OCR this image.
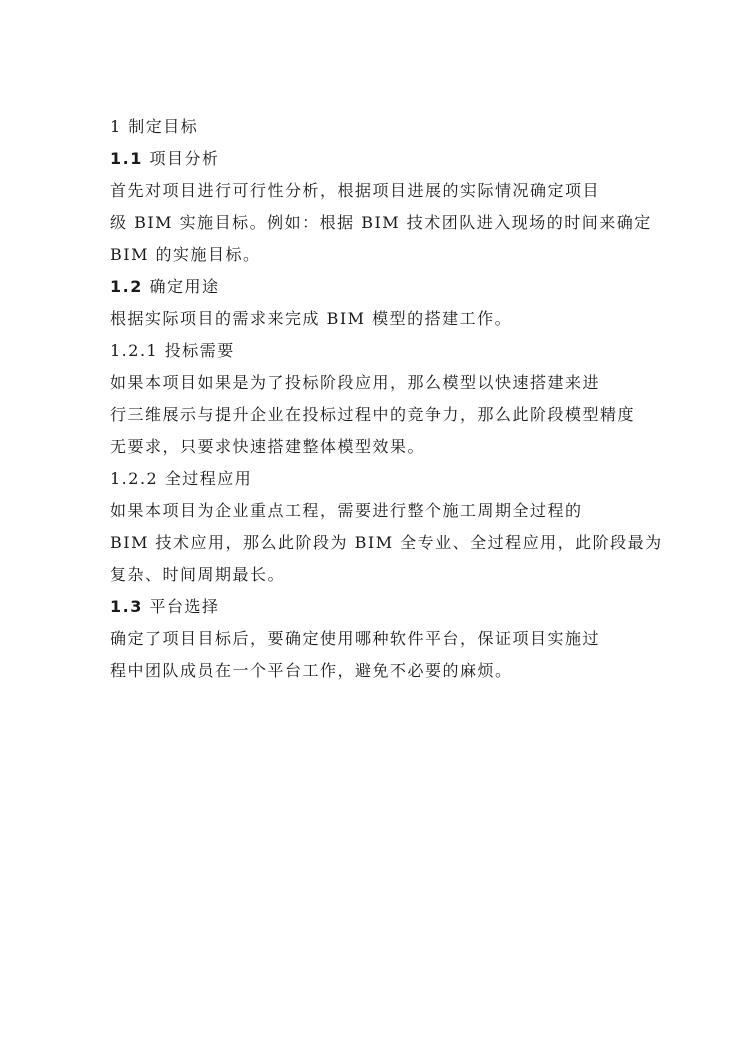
1 制定目标
1.1 项目分析
首先对项目进行可行性分析，根据项目进展的实际情况确定项目
级 BIM 实施目标。例如：根据 BIM 技术团队进入现场的时间来确定
BIM 的实施目标。
1.2 确定用途
根据实际项目的需求来完成 BIM 模型的搭建工作。
1.2.1 投标需要
如果本项目如果是为了投标阶段应用，那么模型以快速搭建来进
行三维展示与提升企业在投标过程中的竞争力，那么此阶段模型精度
无要求，只要求快速搭建整体模型效果。
1.2.2 全过程应用
如果本项目为企业重点工程，需要进行整个施工周期全过程的
BIM 技术应用，那么此阶段为 BIM 全专业、全过程应用，此阶段最为
复杂、时间周期最长。
1.3 平台选择
确定了项目目标后，要确定使用哪种软件平台，保证项目实施过
程中团队成员在一个平台工作，避免不必要的麻烦。
